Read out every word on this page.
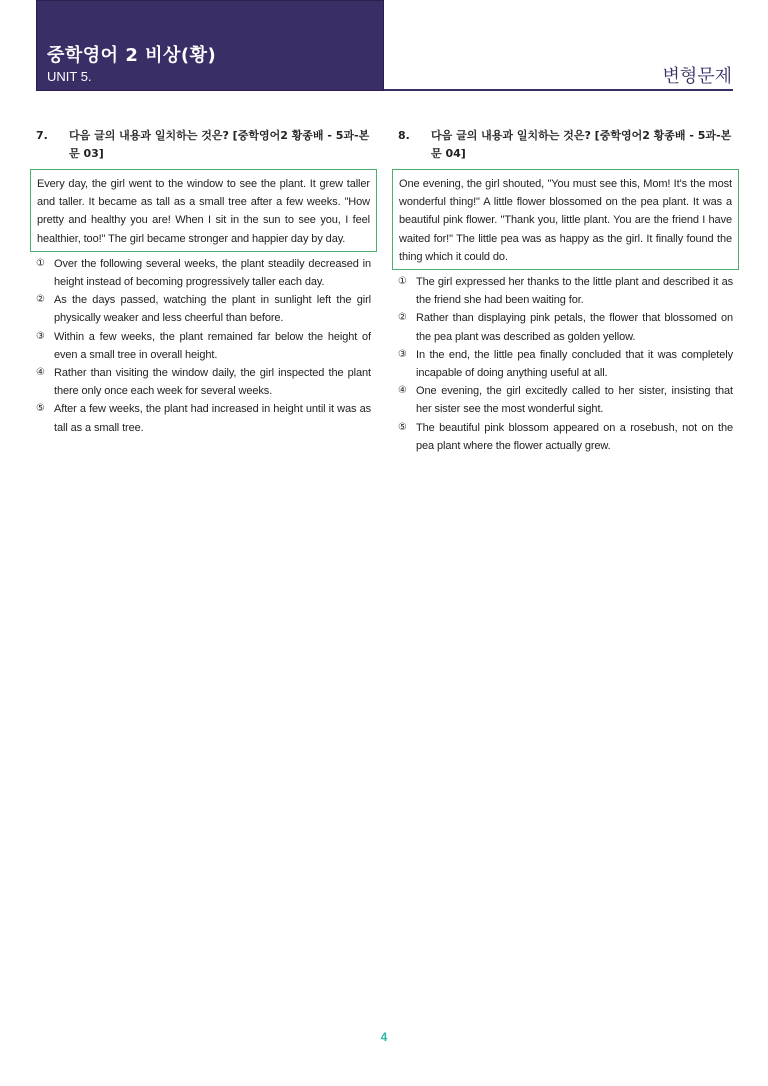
중학영어 2 비상(황)
UNIT 5.	변형문제
7.	다음 글의 내용과 일치하는 것은? [중학영어2 황종배 - 5과-본문 03]
Every day, the girl went to the window to see the plant. It grew taller and taller. It became as tall as a small tree after a few weeks. "How pretty and healthy you are! When I sit in the sun to see you, I feel healthier, too!" The girl became stronger and happier day by day.
① Over the following several weeks, the plant steadily decreased in height instead of becoming progressively taller each day.
② As the days passed, watching the plant in sunlight left the girl physically weaker and less cheerful than before.
③ Within a few weeks, the plant remained far below the height of even a small tree in overall height.
④ Rather than visiting the window daily, the girl inspected the plant there only once each week for several weeks.
⑤ After a few weeks, the plant had increased in height until it was as tall as a small tree.
8.	다음 글의 내용과 일치하는 것은? [중학영어2 황종배 - 5과-본문 04]
One evening, the girl shouted, "You must see this, Mom! It's the most wonderful thing!" A little flower blossomed on the pea plant. It was a beautiful pink flower. "Thank you, little plant. You are the friend I have waited for!" The little pea was as happy as the girl. It finally found the thing which it could do.
① The girl expressed her thanks to the little plant and described it as the friend she had been waiting for.
② Rather than displaying pink petals, the flower that blossomed on the pea plant was described as golden yellow.
③ In the end, the little pea finally concluded that it was completely incapable of doing anything useful at all.
④ One evening, the girl excitedly called to her sister, insisting that her sister see the most wonderful sight.
⑤ The beautiful pink blossom appeared on a rosebush, not on the pea plant where the flower actually grew.
4
